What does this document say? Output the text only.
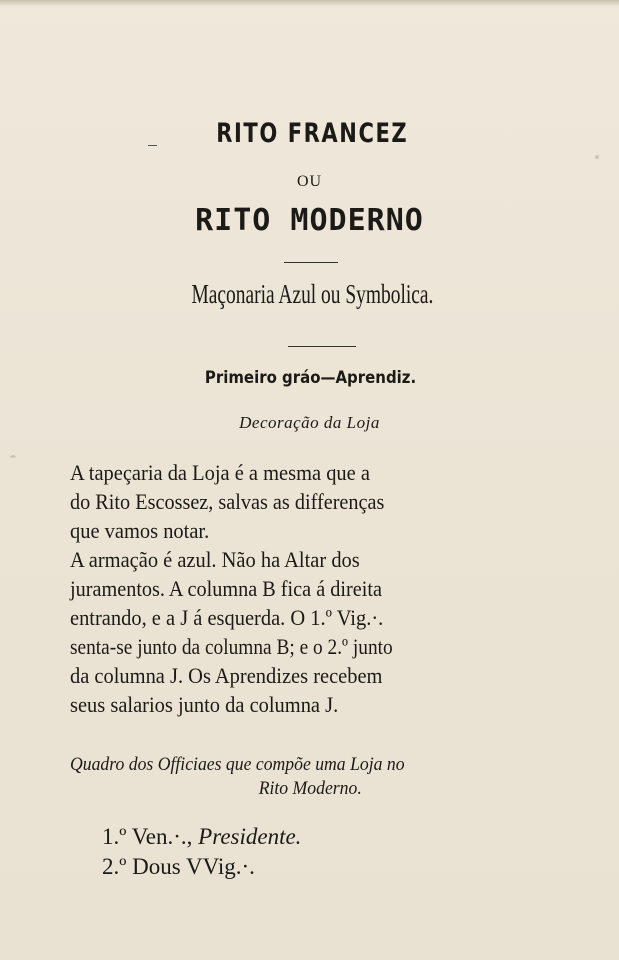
RITO FRANCEZ
OU
RITO MODERNO
Maçonaria Azul ou Symbolica.
Primeiro gráo—Aprendiz.
Decoração da Loja
A tapeçaria da Loja é a mesma que a
do Rito Escossez, salvas as differenças
que vamos notar.
A armação é azul. Não ha Altar dos
juramentos. A columna B fica á direita
entrando, e a J á esquerda. O 1.º Vig.·.
senta-se junto da columna B; e o 2.º junto
da columna J. Os Aprendizes recebem
seus salarios junto da columna J.
Quadro dos Officiaes que compõe uma Loja no
Rito Moderno.
1.º Ven.·., Presidente.
2.º Dous VVig.·.
